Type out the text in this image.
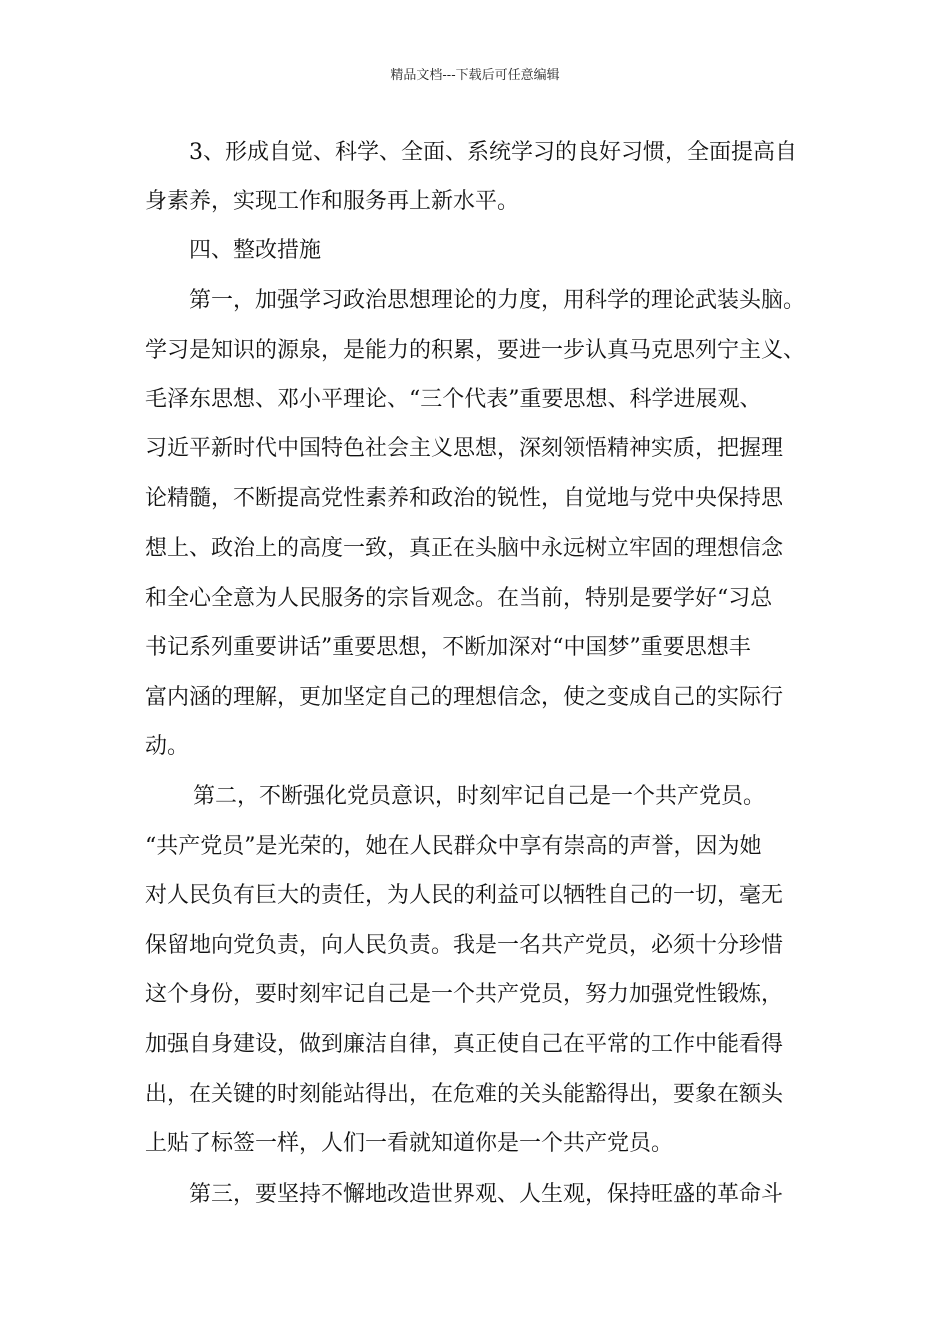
精品文档---下载后可任意编辑
3、形成自觉、科学、全面、系统学习的良好习惯，全面提高自
身素养，实现工作和服务再上新水平。
四、整改措施
第一，加强学习政治思想理论的力度，用科学的理论武装头脑。
学习是知识的源泉，是能力的积累，要进一步认真马克思列宁主义、
毛泽东思想、邓小平理论、“三个代表”重要思想、科学进展观、
习近平新时代中国特色社会主义思想，深刻领悟精神实质，把握理
论精髓，不断提高党性素养和政治的锐性，自觉地与党中央保持思
想上、政治上的高度一致，真正在头脑中永远树立牢固的理想信念
和全心全意为人民服务的宗旨观念。在当前，特别是要学好“习总
书记系列重要讲话”重要思想，不断加深对“中国梦”重要思想丰
富内涵的理解，更加坚定自己的理想信念，使之变成自己的实际行
动。
第二，不断强化党员意识，时刻牢记自己是一个共产党员。
“共产党员”是光荣的，她在人民群众中享有崇高的声誉，因为她
对人民负有巨大的责任，为人民的利益可以牺牲自己的一切，毫无
保留地向党负责，向人民负责。我是一名共产党员，必须十分珍惜
这个身份，要时刻牢记自己是一个共产党员，努力加强党性锻炼，
加强自身建设，做到廉洁自律，真正使自己在平常的工作中能看得
出，在关键的时刻能站得出，在危难的关头能豁得出，要象在额头
上贴了标签一样，人们一看就知道你是一个共产党员。
第三，要坚持不懈地改造世界观、人生观，保持旺盛的革命斗
